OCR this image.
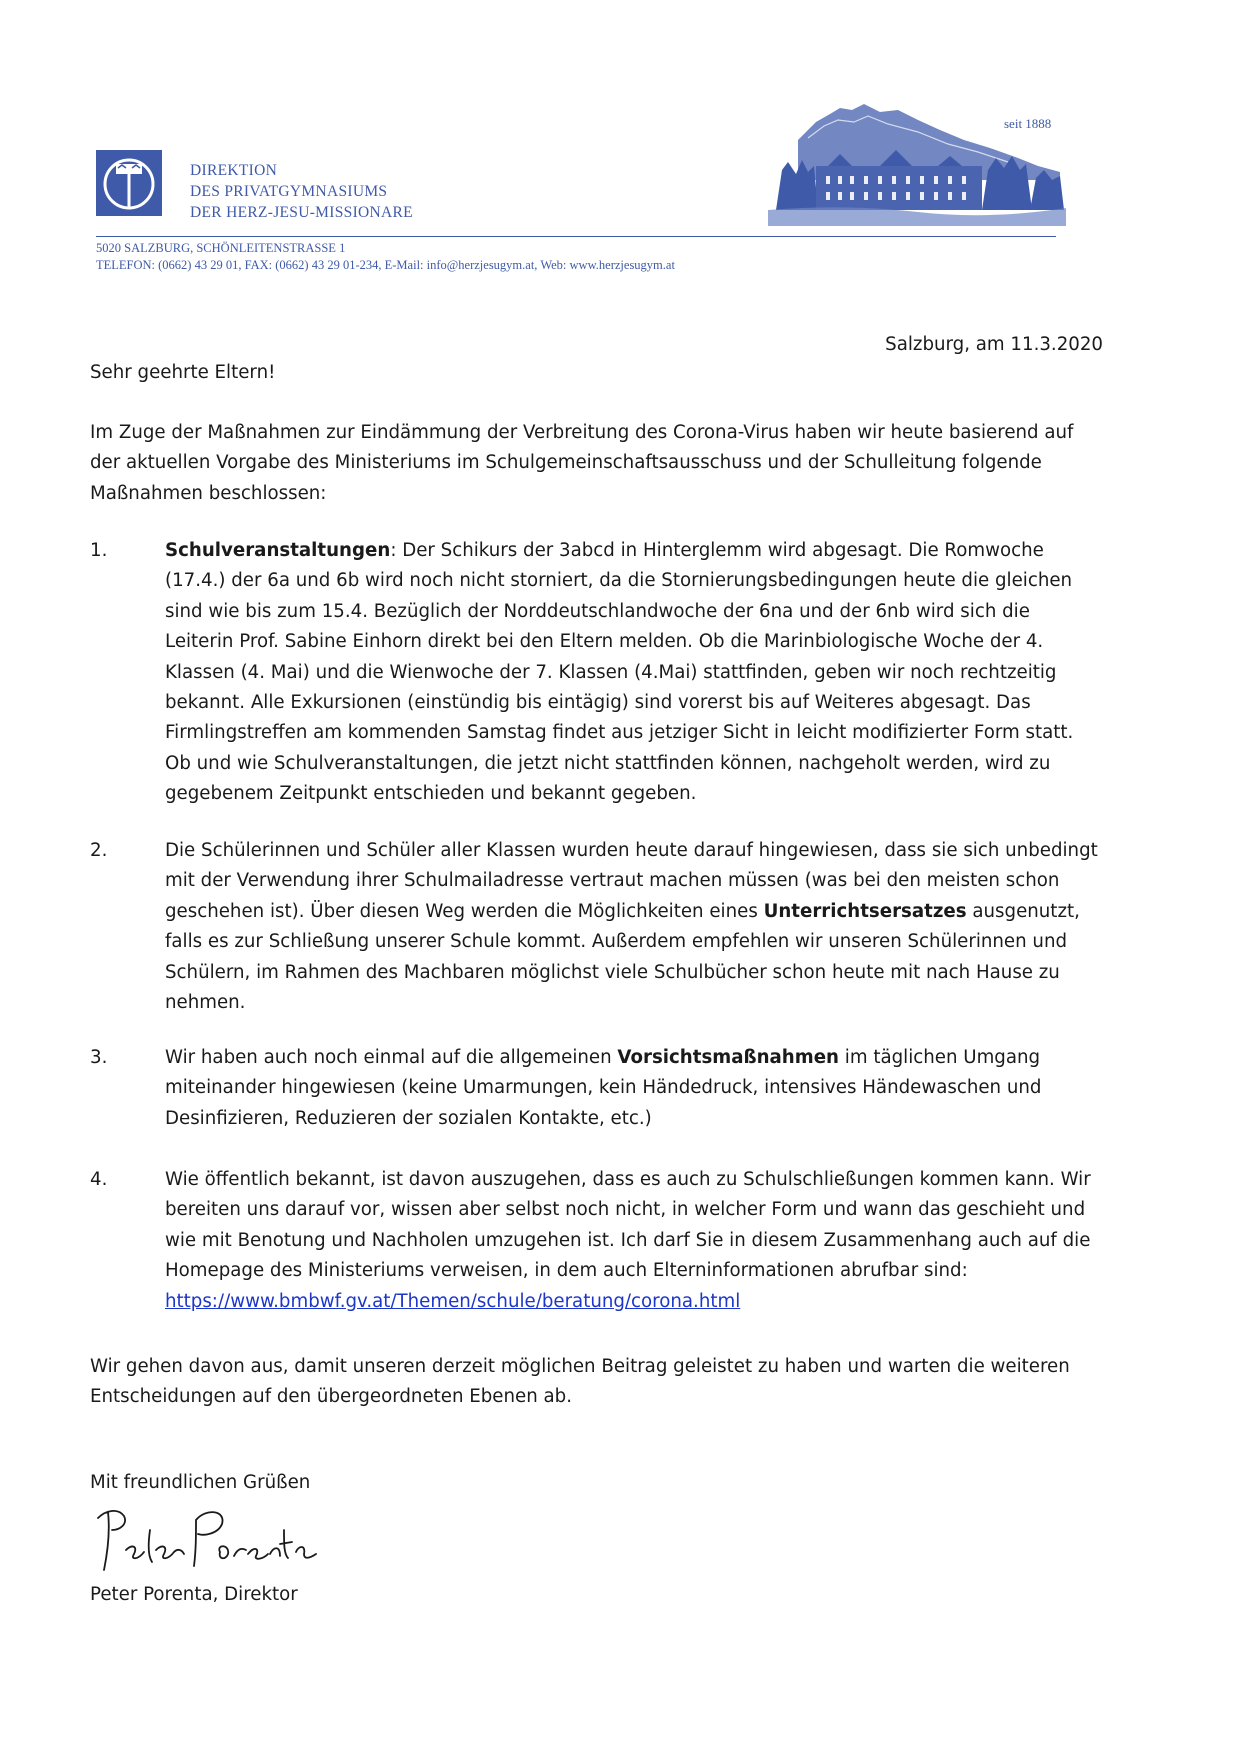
DIREKTION
DES PRIVATGYMNASIUMS
DER HERZ-JESU-MISSIONARE
seit 1888
5020 SALZBURG, SCHÖNLEITENSTRASSE 1
TELEFON: (0662) 43 29 01, FAX: (0662) 43 29 01-234, E-Mail: info@herzjesugym.at, Web: www.herzjesugym.at
Salzburg, am 11.3.2020
Sehr geehrte Eltern!

Im Zuge der Maßnahmen zur Eindämmung der Verbreitung des Corona-Virus haben wir heute basierend auf der aktuellen Vorgabe des Ministeriums im Schulgemeinschaftsausschuss und der Schulleitung folgende Maßnahmen beschlossen:

1.	Schulveranstaltungen: Der Schikurs der 3abcd in Hinterglemm wird abgesagt. Die Romwoche (17.4.) der 6a und 6b wird noch nicht storniert, da die Stornierungsbedingungen heute die gleichen sind wie bis zum 15.4. Bezüglich der Norddeutschlandwoche der 6na und der 6nb wird sich die Leiterin Prof. Sabine Einhorn direkt bei den Eltern melden. Ob die Marinbiologische Woche der 4. Klassen (4. Mai) und die Wienwoche der 7. Klassen (4.Mai) stattfinden, geben wir noch rechtzeitig bekannt. Alle Exkursionen (einstündig bis eintägig) sind vorerst bis auf Weiteres abgesagt. Das Firmlingstreffen am kommenden Samstag findet aus jetziger Sicht in leicht modifizierter Form statt. Ob und wie Schulveranstaltungen, die jetzt nicht stattfinden können, nachgeholt werden, wird zu gegebenem Zeitpunkt entschieden und bekannt gegeben.
2.	Die Schülerinnen und Schüler aller Klassen wurden heute darauf hingewiesen, dass sie sich unbedingt mit der Verwendung ihrer Schulmailadresse vertraut machen müssen (was bei den meisten schon geschehen ist). Über diesen Weg werden die Möglichkeiten eines Unterrichtsersatzes ausgenutzt, falls es zur Schließung unserer Schule kommt. Außerdem empfehlen wir unseren Schülerinnen und Schülern, im Rahmen des Machbaren möglichst viele Schulbücher schon heute mit nach Hause zu nehmen.
3.	Wir haben auch noch einmal auf die allgemeinen Vorsichtsmaßnahmen im täglichen Umgang miteinander hingewiesen (keine Umarmungen, kein Händedruck, intensives Händewaschen und Desinfizieren, Reduzieren der sozialen Kontakte, etc.)
4.	Wie öffentlich bekannt, ist davon auszugehen, dass es auch zu Schulschließungen kommen kann. Wir bereiten uns darauf vor, wissen aber selbst noch nicht, in welcher Form und wann das geschieht und wie mit Benotung und Nachholen umzugehen ist. Ich darf Sie in diesem Zusammenhang auch auf die Homepage des Ministeriums verweisen, in dem auch Elterninformationen abrufbar sind: https://www.bmbwf.gv.at/Themen/schule/beratung/corona.html
Wir gehen davon aus, damit unseren derzeit möglichen Beitrag geleistet zu haben und warten die weiteren Entscheidungen auf den übergeordneten Ebenen ab.
Mit freundlichen Grüßen
Peter Porenta, Direktor
